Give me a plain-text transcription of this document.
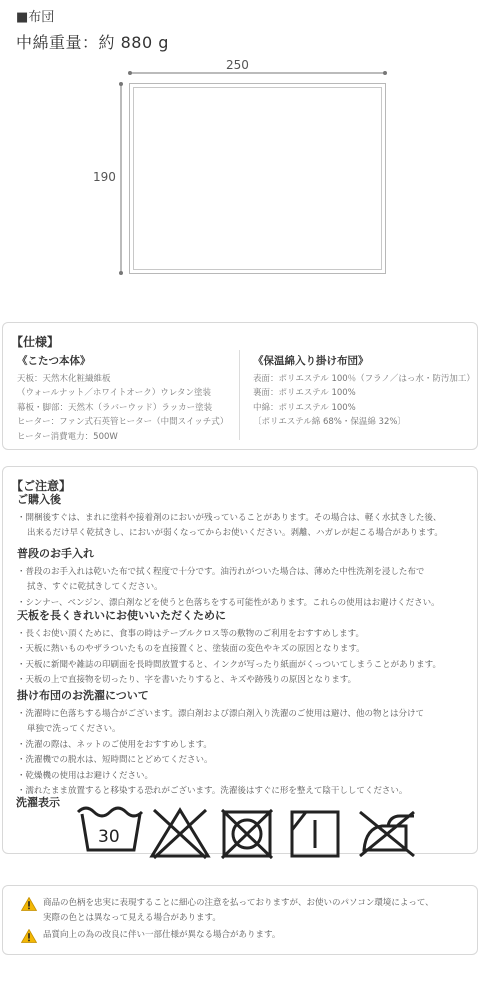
■布団
中綿重量：約 880 g
250
190
【仕様】
《こたつ本体》
天板：天然木化粧繊維板
（ウォールナット／ホワイトオーク）ウレタン塗装
幕板・脚部：天然木（ラバーウッド）ラッカー塗装
ヒーター：ファン式石英管ヒーター（中間スイッチ式）
ヒーター消費電力：500W
《保温綿入り掛け布団》
表面：ポリエステル 100％（フラノ／はっ水・防汚加工）
裏面：ポリエステル 100%
中綿：ポリエステル 100%
〔ポリエステル綿 68%・保温綿 32%〕
【ご注意】
ご購入後
・開梱後すぐは、まれに塗料や接着剤のにおいが残っていることがあります。その場合は、軽く水拭きした後、
出来るだけ早く乾拭きし、においが弱くなってからお使いください。剥離、ハガレが起こる場合があります。
普段のお手入れ
・普段のお手入れは乾いた布で拭く程度で十分です。油汚れがついた場合は、薄めた中性洗剤を浸した布で
拭き、すぐに乾拭きしてください。
・シンナー、ベンジン、漂白剤などを使うと色落ちをする可能性があります。これらの使用はお避けください。
天板を長くきれいにお使いいただくために
・長くお使い頂くために、食事の時はテーブルクロス等の敷物のご利用をおすすめします。
・天板に熱いものやザラついたものを直接置くと、塗装面の変色やキズの原因となります。
・天板に新聞や雑誌の印刷面を長時間放置すると、インクが写ったり紙面がくっついてしまうことがあります。
・天板の上で直接物を切ったり、字を書いたりすると、キズや跡残りの原因となります。
掛け布団のお洗濯について
・洗濯時に色落ちする場合がございます。漂白剤および漂白剤入り洗濯のご使用は避け、他の物とは分けて
単独で洗ってください。
・洗濯の際は、ネットのご使用をおすすめします。
・洗濯機での脱水は、短時間にとどめてください。
・乾燥機の使用はお避けください。
・濡れたまま放置すると移染する恐れがございます。洗濯後はすぐに形を整えて陰干ししてください。
洗濯表示
30
商品の色柄を忠実に表現することに細心の注意を払っておりますが、お使いのパソコン環境によって、
実際の色とは異なって見える場合があります。
品質向上の為の改良に伴い一部仕様が異なる場合があります。
